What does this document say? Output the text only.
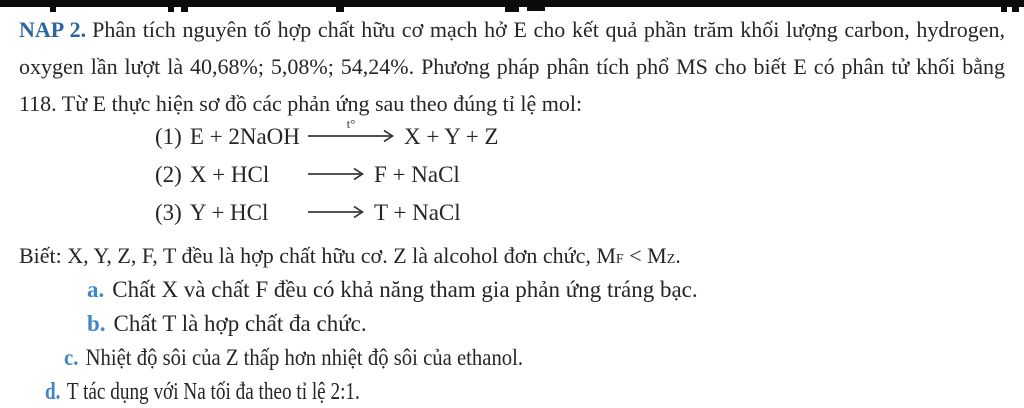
NAP 2. Phân tích nguyên tố hợp chất hữu cơ mạch hở E cho kết quả phần trăm khối lượng carbon, hydrogen, oxygen lần lượt là 40,68%; 5,08%; 54,24%. Phương pháp phân tích phổ MS cho biết E có phân tử khối bằng 118. Từ E thực hiện sơ đồ các phản ứng sau theo đúng tỉ lệ mol:

(1) E + 2NaOH
t°
X + Y + Z
(2) X + HCl	F + NaCl
(3) Y + HCl	T + NaCl

Biết: X, Y, Z, F, T đều là hợp chất hữu cơ. Z là alcohol đơn chức, MF < MZ.

a. Chất X và chất F đều có khả năng tham gia phản ứng tráng bạc.
b. Chất T là hợp chất đa chức.
c. Nhiệt độ sôi của Z thấp hơn nhiệt độ sôi của ethanol.
d. T tác dụng với Na tối đa theo tỉ lệ 2:1.
